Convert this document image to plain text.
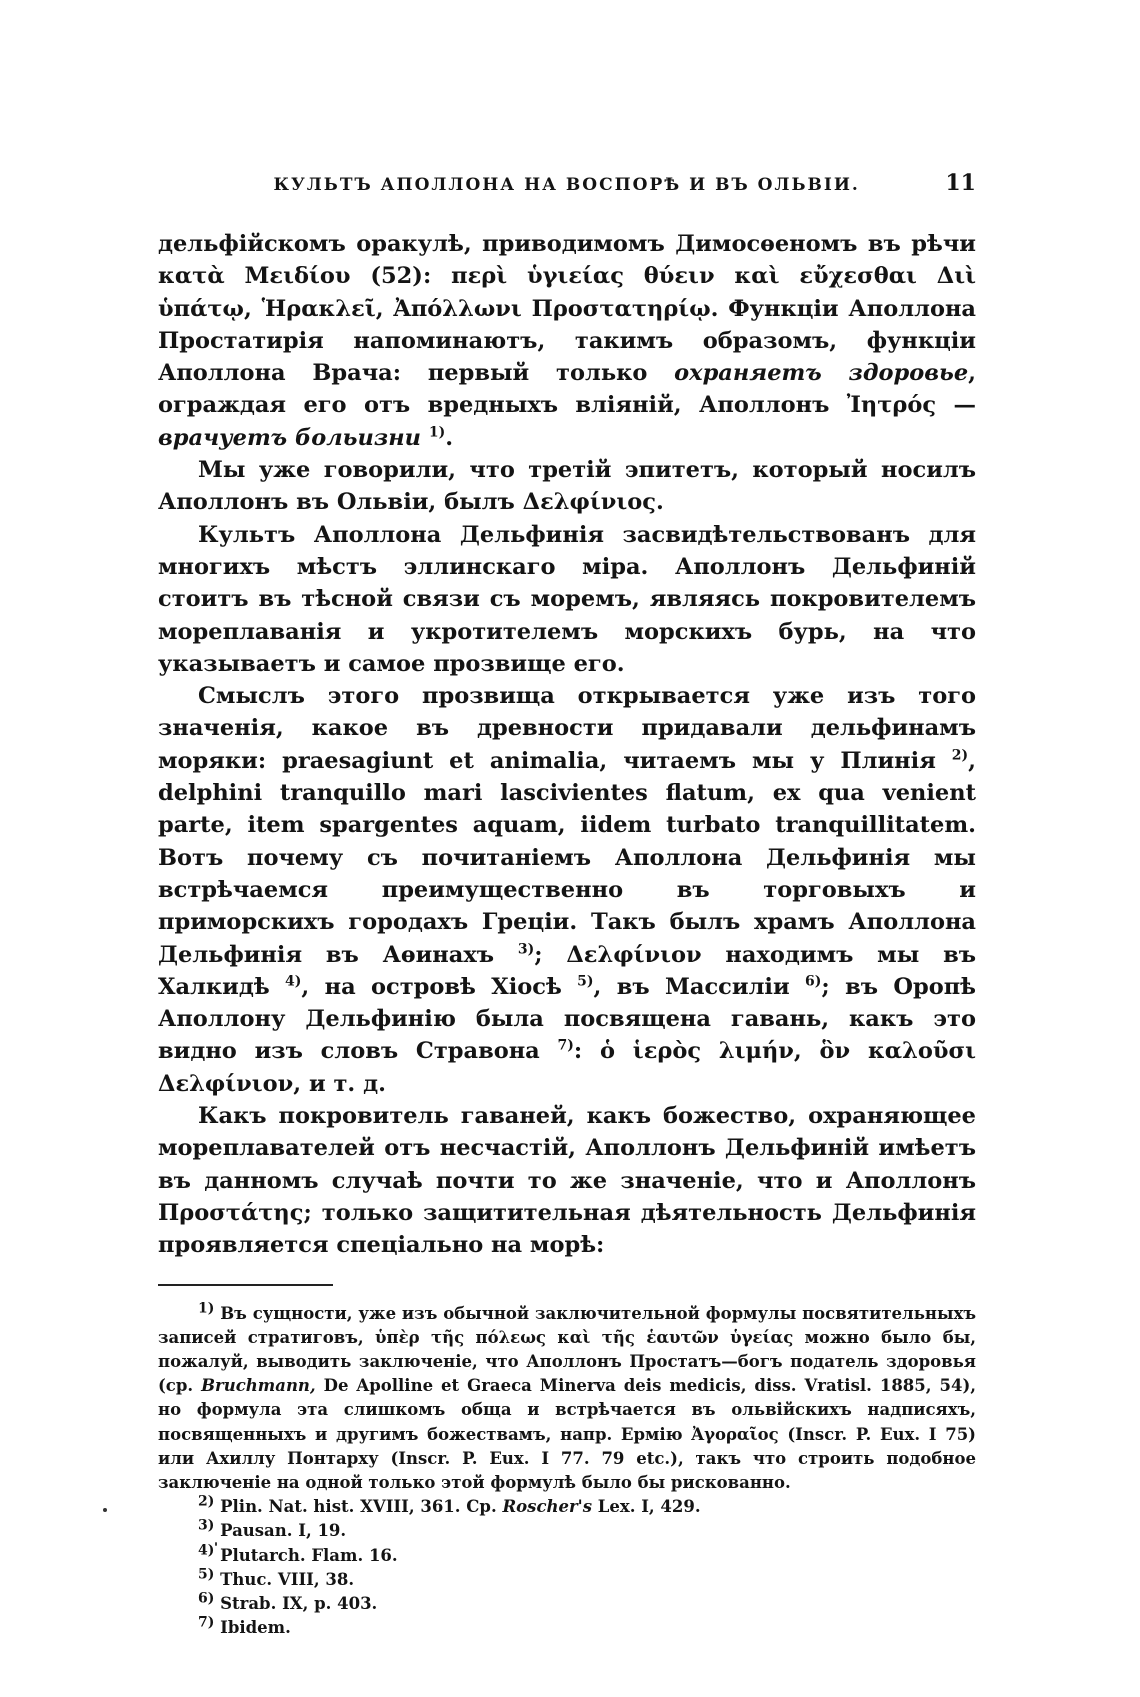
КУЛЬТЪ АПОЛЛОНА НА ВОСПОРѢ И ВЪ ОЛЬВІИ.	11

дельфійскомъ оракулѣ, приводимомъ Димосѳеномъ въ рѣчи κατὰ Μειδίου (52): περὶ ὑγιείας θύειν καὶ εὔχεσθαι Διὶ ὑπάτῳ, Ἡρακλεῖ, Ἀπόλλωνι Προστατηρίῳ. Функціи Аполлона Простатирія напоминаютъ, такимъ образомъ, функціи Аполлона Врача: первый только охраняетъ здоровье, ограждая его отъ вредныхъ вліяній, Аполлонъ Ἰητρός — врачуетъ больизни $^{1)}$.

Мы уже говорили, что третій эпитетъ, который носилъ Аполлонъ въ Ольвіи, былъ Δελφίνιος.

Культъ Аполлона Дельфинія засвидѣтельствованъ для многихъ мѣстъ эллинскаго міра. Аполлонъ Дельфиній стоитъ въ тѣсной связи съ моремъ, являясь покровителемъ мореплаванія и укротителемъ морскихъ бурь, на что указываетъ и самое прозвище его.

Смыслъ этого прозвища открывается уже изъ того значенія, какое въ древности придавали дельфинамъ моряки: praesagiunt et animalia, читаемъ мы у Плинія $^{2)}$, delphini tranquillo mari lascivientes flatum, ex qua venient parte, item spargentes aquam, iidem turbato tranquillitatem. Вотъ почему съ почитаніемъ Аполлона Дельфинія мы встрѣчаемся преимущественно въ торговыхъ и приморскихъ городахъ Греціи. Такъ былъ храмъ Аполлона Дельфинія въ Аѳинахъ $^{3)}$; Δελφίνιον находимъ мы въ Халкидѣ $^{4)}$, на островѣ Хіосѣ $^{5)}$, въ Массиліи $^{6)}$; въ Оропѣ Аполлону Дельфинію была посвящена гавань, какъ это видно изъ словъ Стравона $^{7)}$: ὁ ἱερὸς λιμήν, ὃν καλοῦσι Δελφίνιον, и т. д.

Какъ покровитель гаваней, какъ божество, охраняющее мореплавателей отъ несчастій, Аполлонъ Дельфиній имѣетъ въ данномъ случаѣ почти то же значеніе, что и Аполлонъ Προστάτης; только защитительная дѣятельность Дельфинія проявляется спеціально на морѣ:

$^{1)}$ Въ сущности, уже изъ обычной заключительной формулы посвятительныхъ записей стратиговъ, ὑπὲρ τῆς πόλεως καὶ τῆς ἑαυτῶν ὑγείας можно было бы, пожалуй, выводить заключеніе, что Аполлонъ Простатъ—богъ податель здоровья (ср. Bruchmann, De Apolline et Graeca Minerva deis medicis, diss. Vratisl. 1885, 54), но формула эта слишкомъ обща и встрѣчается въ ольвійскихъ надписяхъ, посвященныхъ и другимъ божествамъ, напр. Ермію Ἀγοραῖος (Inscr. P. Eux. I 75) или Ахиллу Понтарху (Inscr. P. Eux. I 77. 79 etc.), такъ что строить подобное заключеніе на одной только этой формулѣ было бы рискованно.

$^{2)}$ Plin. Nat. hist. XVIII, 361. Cp. Roscher's Lex. I, 429.

$^{3)}$ Pausan. I, 19.

$^{4)}$ Plutarch. Flam. 16.

$^{5)}$ Thuc. VIII, 38.

$^{6)}$ Strab. IX, p. 403.

$^{7)}$ Ibidem.
